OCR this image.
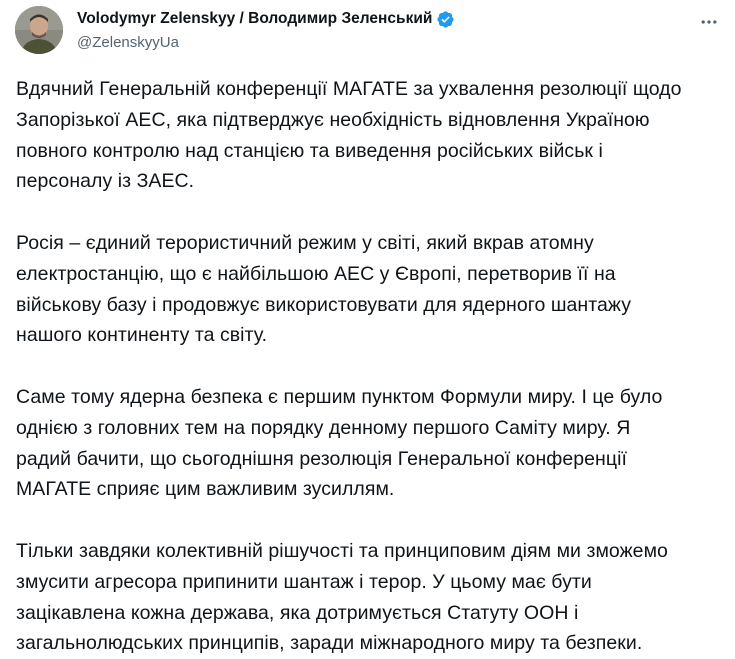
Volodymyr Zelenskyy / Володимир Зеленський
@ZelenskyyUa

Вдячний Генеральній конференції МАГАТЕ за ухвалення резолюції щодо
Запорізької АЕС, яка підтверджує необхідність відновлення Україною
повного контролю над станцією та виведення російських військ і
персоналу із ЗАЕС.

Росія – єдиний терористичний режим у світі, який вкрав атомну
електростанцію, що є найбільшою АЕС у Європі, перетворив її на
військову базу і продовжує використовувати для ядерного шантажу
нашого континенту та світу.

Саме тому ядерна безпека є першим пунктом Формули миру. І це було
однією з головних тем на порядку денному першого Саміту миру. Я
радий бачити, що сьогоднішня резолюція Генеральної конференції
МАГАТЕ сприяє цим важливим зусиллям.

Тільки завдяки колективній рішучості та принциповим діям ми зможемо
змусити агресора припинити шантаж і терор. У цьому має бути
зацікавлена кожна держава, яка дотримується Статуту ООН і
загальнолюдських принципів, заради міжнародного миру та безпеки.
